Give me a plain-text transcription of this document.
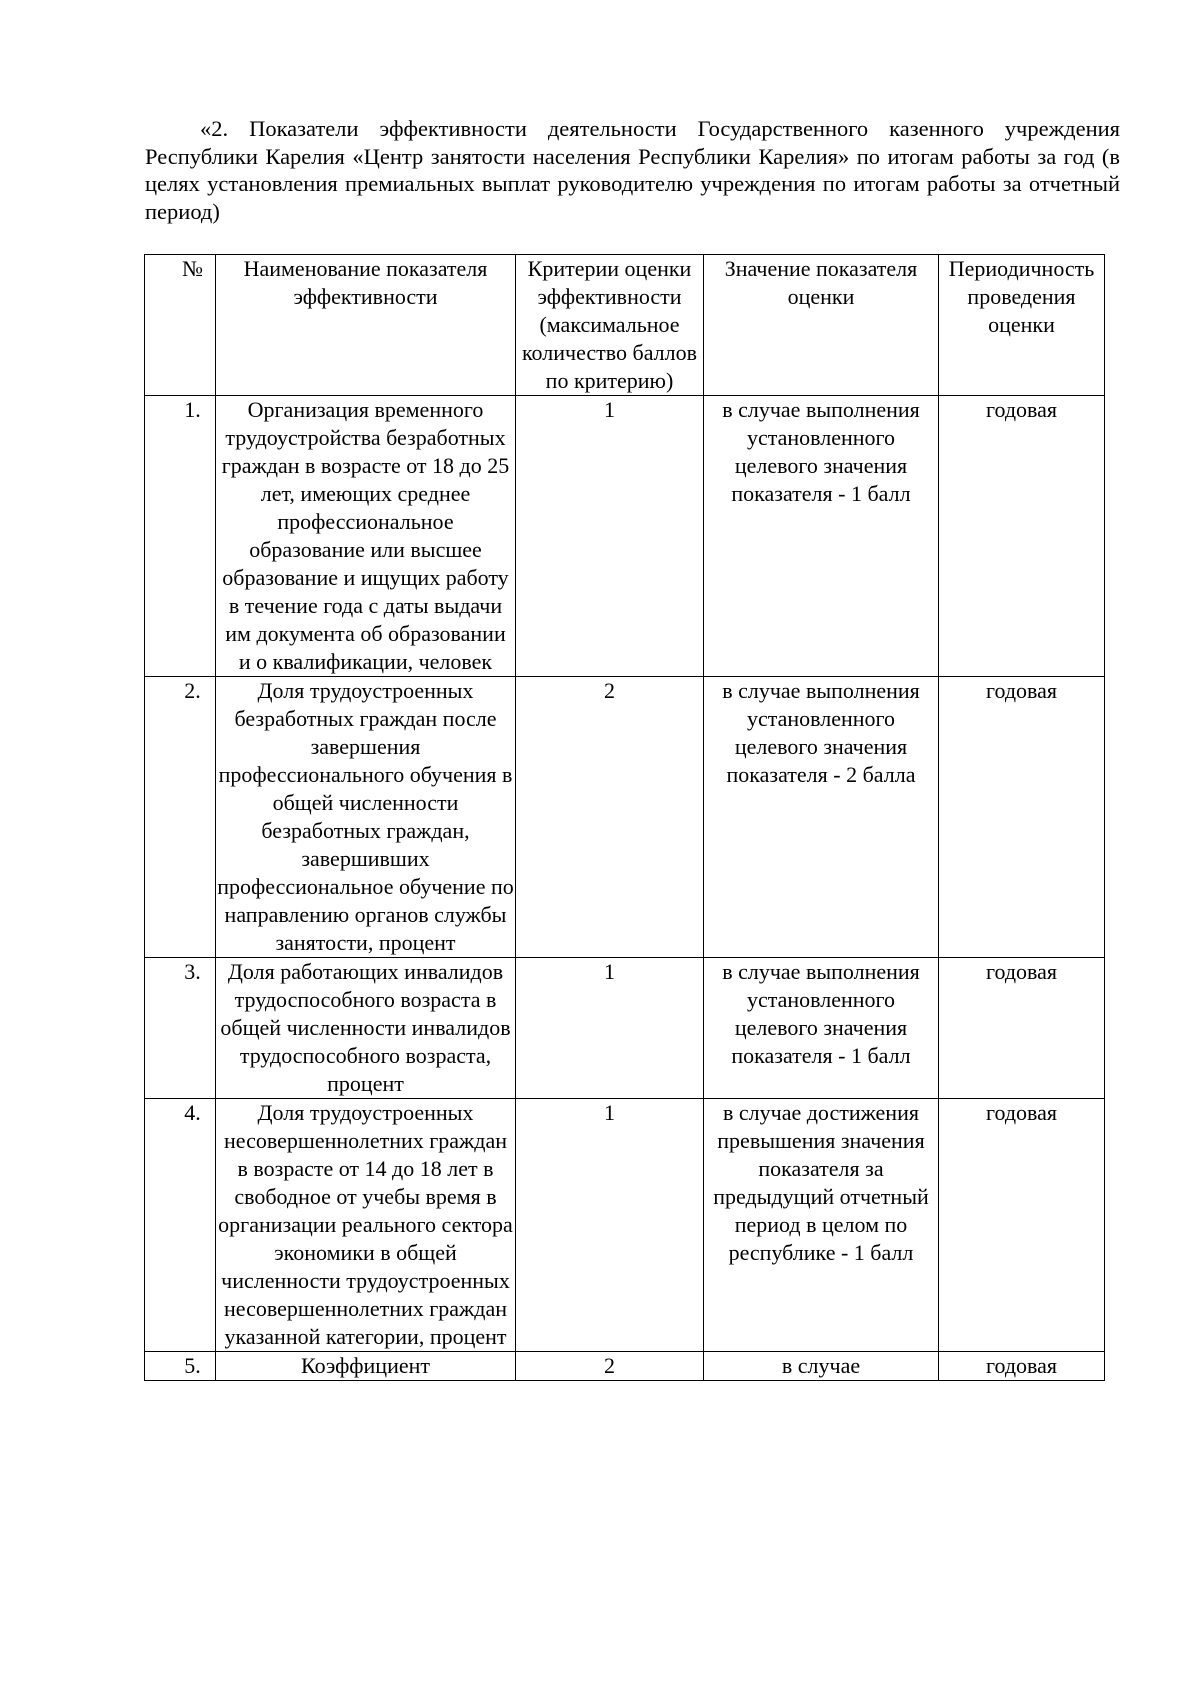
«2. Показатели эффективности деятельности Государственного казенного учреждения Республики Карелия «Центр занятости населения Республики Карелия» по итогам работы за год (в целях установления премиальных выплат руководителю учреждения по итогам работы за отчетный период)

№	Наименование показателя эффективности	Критерии оценки эффективности (максимальное количество баллов по критерию)	Значение показателя оценки	Периодичность проведения оценки
1.	Организация временного трудоустройства безработных граждан в возрасте от 18 до 25 лет, имеющих среднее профессиональное образование или высшее образование и ищущих работу в течение года с даты выдачи им документа об образовании и о квалификации, человек	1	в случае выполнения установленного целевого значения показателя - 1 балл	годовая
2.	Доля трудоустроенных безработных граждан после завершения профессионального обучения в общей численности безработных граждан, завершивших профессиональное обучение по направлению органов службы занятости, процент	2	в случае выполнения установленного целевого значения показателя - 2 балла	годовая
3.	Доля работающих инвалидов трудоспособного возраста в общей численности инвалидов трудоспособного возраста, процент	1	в случае выполнения установленного целевого значения показателя - 1 балл	годовая
4.	Доля трудоустроенных несовершеннолетних граждан в возрасте от 14 до 18 лет в свободное от учебы время в организации реального сектора экономики в общей численности трудоустроенных несовершеннолетних граждан указанной категории, процент	1	в случае достижения превышения значения показателя за предыдущий отчетный период в целом по республике - 1 балл	годовая
5.	Коэффициент	2	в случае	годовая
